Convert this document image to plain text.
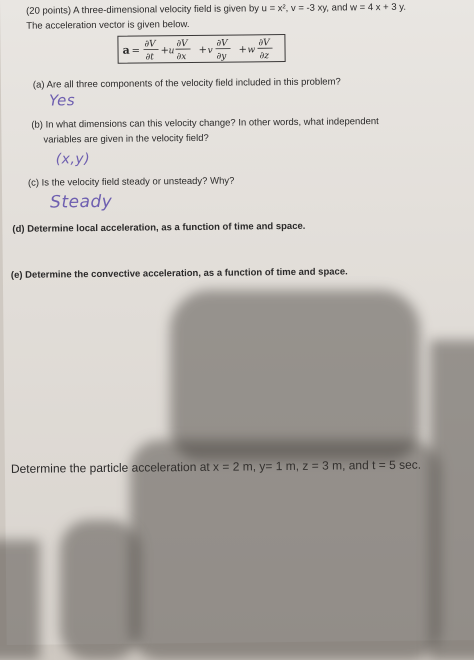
(20 points) A three-dimensional velocity field is given by u = x², v = -3 xy, and w = 4 x + 3 y.
The acceleration vector is given below.
a =
∂V
∂t
+ u
∂V
∂x
+ v
∂V
∂y
+ w
∂V
∂z
(a) Are all three components of the velocity field included in this problem?
Yes
(b) In what dimensions can this velocity change? In other words, what independent
variables are given in the velocity field?
(x,y)
(c) Is the velocity field steady or unsteady? Why?
Steady
(d) Determine local acceleration, as a function of time and space.
(e) Determine the convective acceleration, as a function of time and space.
Determine the particle acceleration at x = 2 m, y= 1 m, z = 3 m, and t = 5 sec.
